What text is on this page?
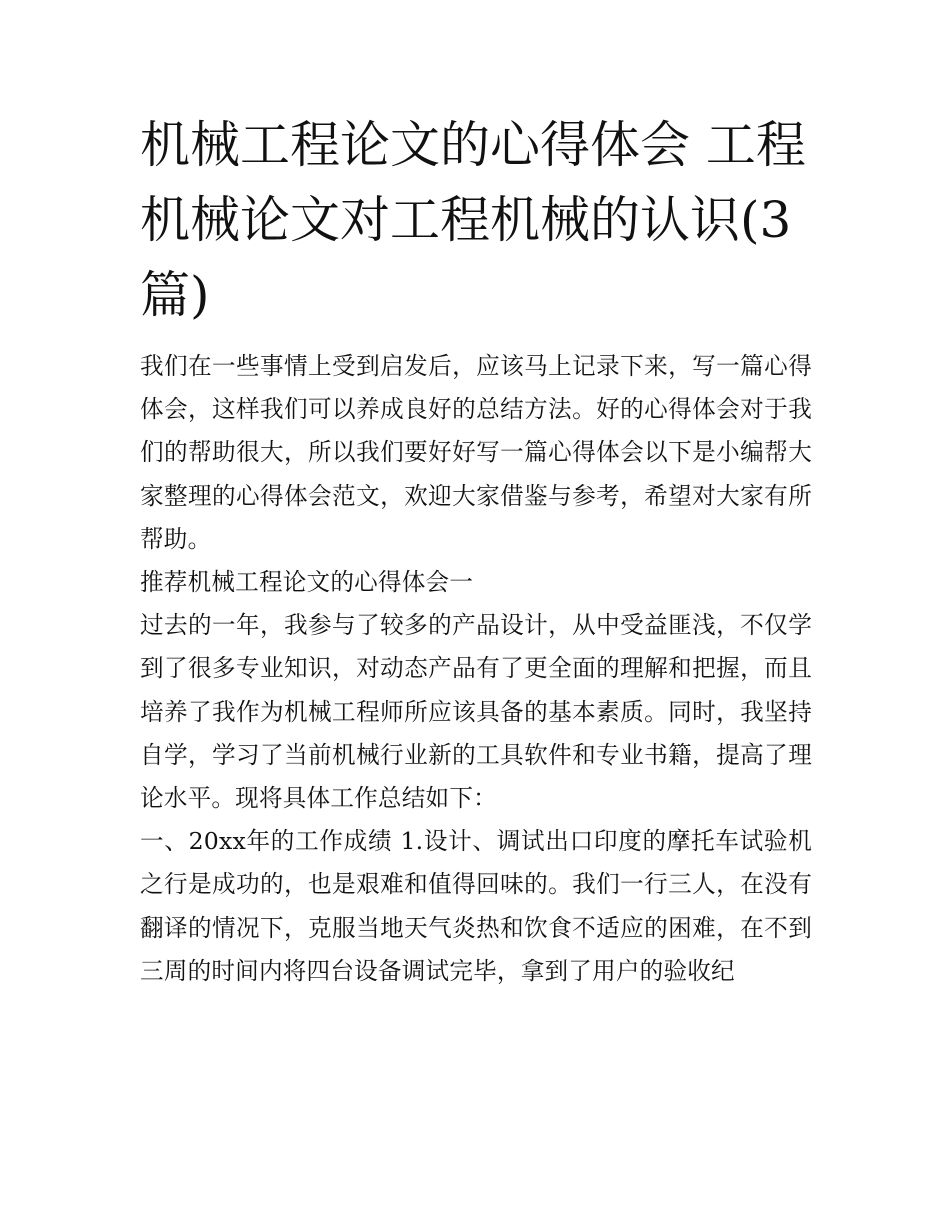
机械工程论文的心得体会 工程机械论文对工程机械的认识(3篇)

我们在一些事情上受到启发后，应该马上记录下来，写一篇心得体会，这样我们可以养成良好的总结方法。好的心得体会对于我们的帮助很大，所以我们要好好写一篇心得体会以下是小编帮大家整理的心得体会范文，欢迎大家借鉴与参考，希望对大家有所帮助。

推荐机械工程论文的心得体会一

过去的一年，我参与了较多的产品设计，从中受益匪浅，不仅学到了很多专业知识，对动态产品有了更全面的理解和把握，而且培养了我作为机械工程师所应该具备的基本素质。同时，我坚持自学，学习了当前机械行业新的工具软件和专业书籍，提高了理论水平。现将具体工作总结如下：

一、20xx年的工作成绩 1.设计、调试出口印度的摩托车试验机之行是成功的，也是艰难和值得回味的。我们一行三人，在没有翻译的情况下，克服当地天气炎热和饮食不适应的困难，在不到三周的时间内将四台设备调试完毕，拿到了用户的验收纪
